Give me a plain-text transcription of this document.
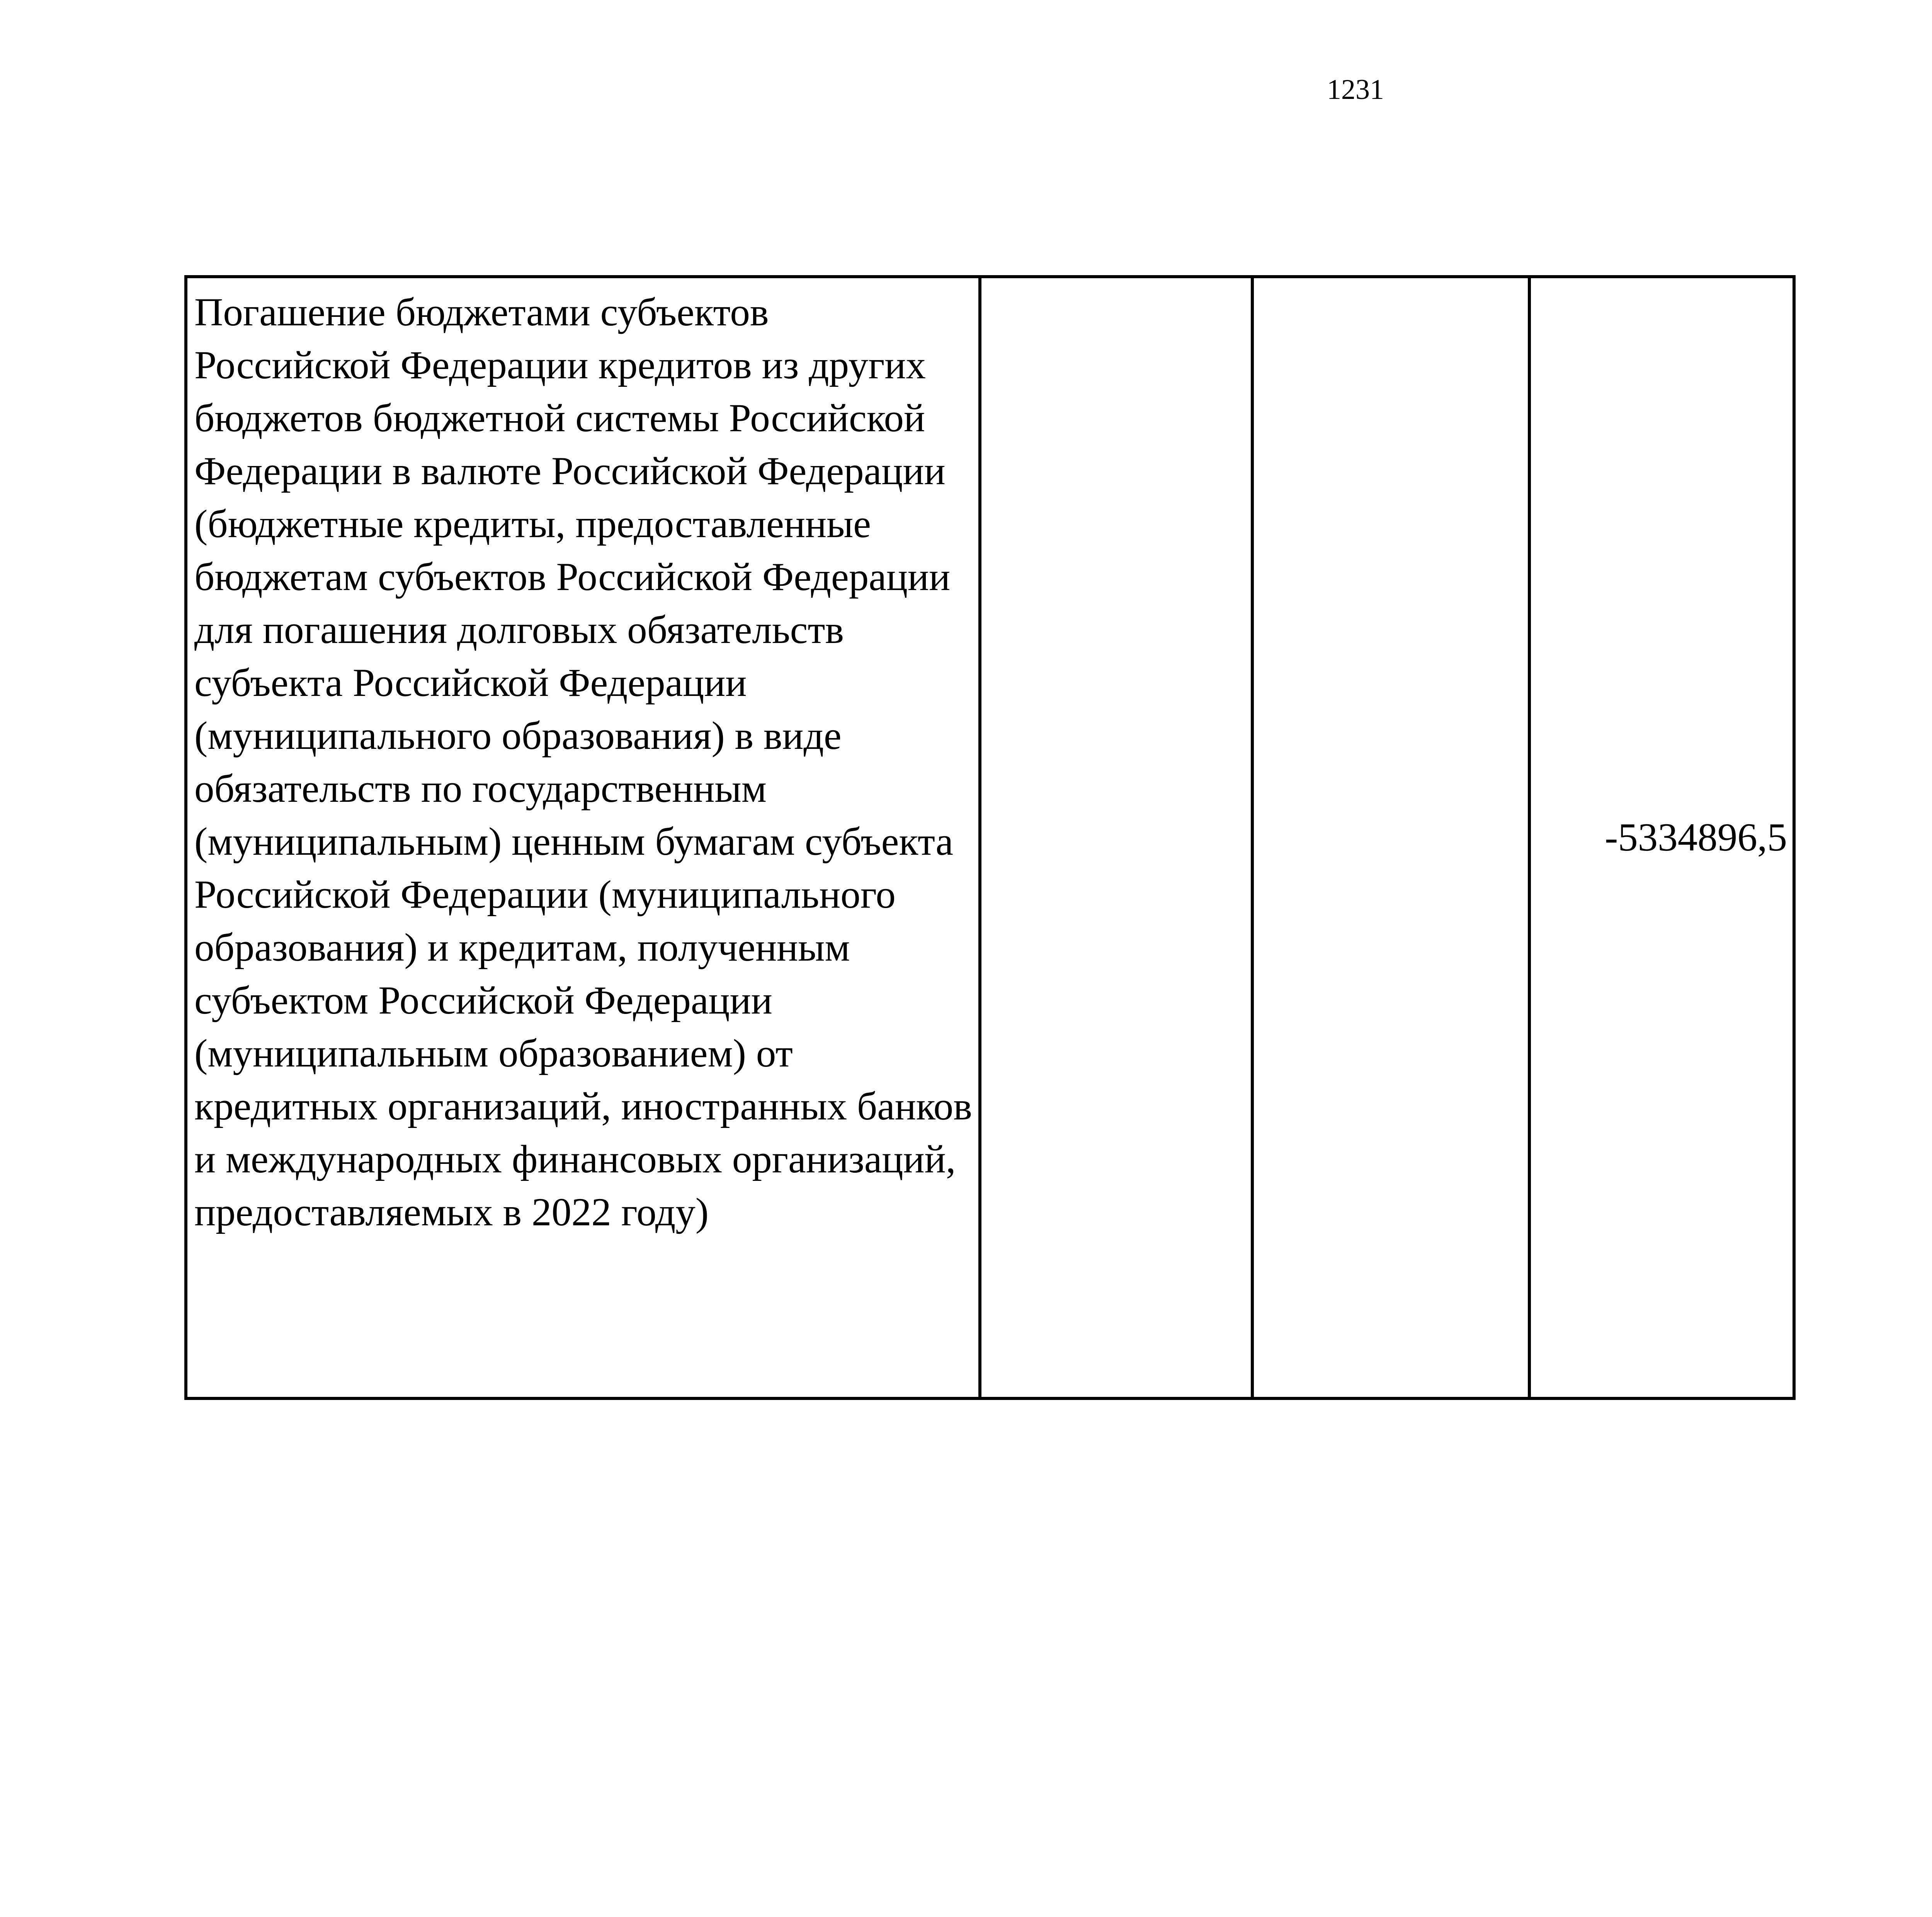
1231
Погашение бюджетами субъектов Российской Федерации кредитов из других бюджетов бюджетной системы Российской Федерации в валюте Российской Федерации (бюджетные кредиты, предоставленные бюджетам субъектов Российской Федерации для погашения долговых обязательств субъекта Российской Федерации (муниципального образования) в виде обязательств по государственным (муниципальным) ценным бумагам субъекта Российской Федерации (муниципального образования) и кредитам, полученным субъектом Российской Федерации (муниципальным образованием) от кредитных организаций, иностранных банков и международных финансовых организаций, предоставляемых в 2022 году)			-5334896,5
